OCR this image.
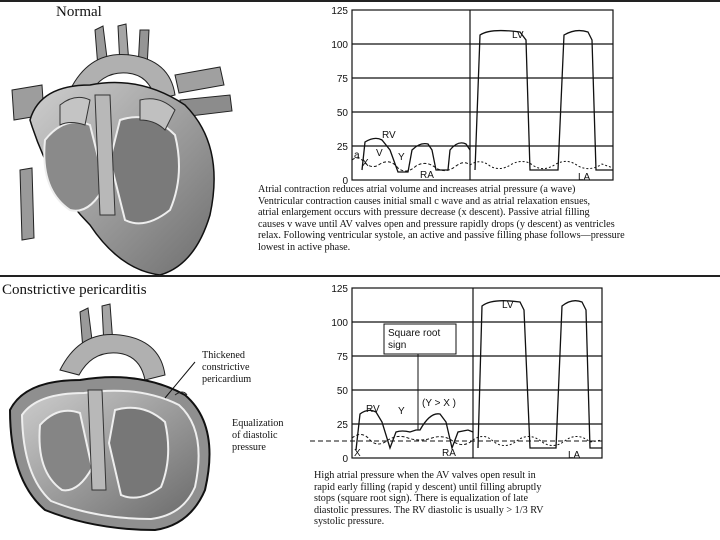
Normal	125
100
75
50
25
0
LV
RV
RA	LA
a
X
V Y
Atrial contraction reduces atrial volume and increases atrial pressure (a wave)
Ventricular contraction causes initial small c wave and as atrial relaxation ensues,
atrial enlargement occurs with pressure decrease (x descent). Passive atrial filling
causes v wave until AV valves open and pressure rapidly drops (y descent) as ventricles
relax. Following ventricular systole, an active and passive filling phase follows—pressure
lowest in active phase.
Constrictive pericarditis
Thickened
constrictive
pericardium
Equalization
of diastolic
pressure
125
100
75
50
25
0
Square root
sign
LV
RV
RA	LA
X
Y
(Y > X )
High atrial pressure when the AV valves open result in
rapid early filling (rapid y descent) until filling abruptly
stops (square root sign). There is equalization of late
diastolic pressures. The RV diastolic is usually > 1/3 RV
systolic pressure.
